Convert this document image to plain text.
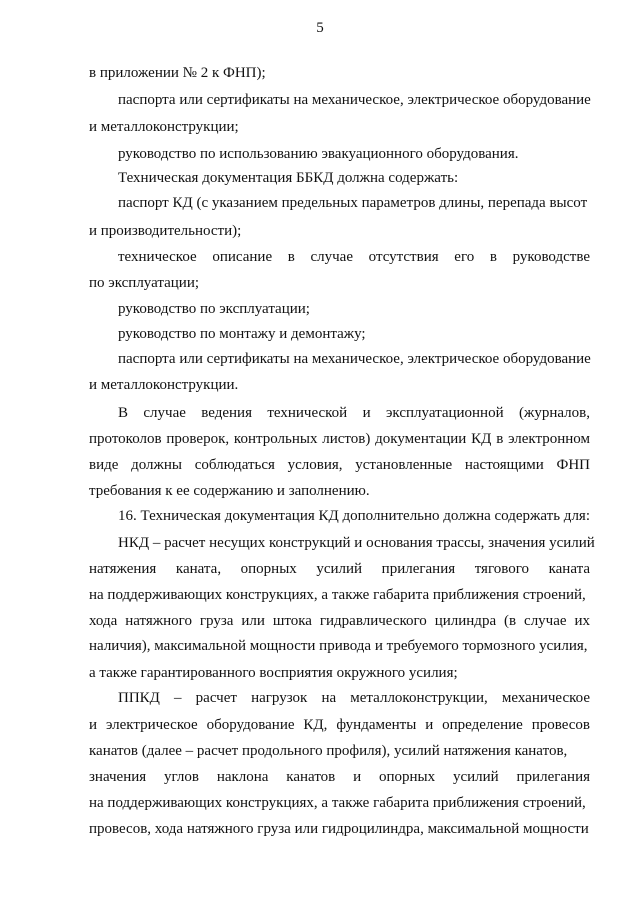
5
в приложении № 2 к ФНП);
паспорта или сертификаты на механическое, электрическое оборудование
и металлоконструкции;
руководство по использованию эвакуационного оборудования.
Техническая документация ББКД должна содержать:
паспорт КД (с указанием предельных параметров длины, перепада высот
и производительности);
техническое описание в случае отсутствия его в руководстве
по эксплуатации;
руководство по эксплуатации;
руководство по монтажу и демонтажу;
паспорта или сертификаты на механическое, электрическое оборудование
и металлоконструкции.
В случае ведения технической и эксплуатационной (журналов,
протоколов проверок, контрольных листов) документации КД в электронном
виде должны соблюдаться условия, установленные настоящими ФНП
требования к ее содержанию и заполнению.
16. Техническая документация КД дополнительно должна содержать для:
НКД – расчет несущих конструкций и основания трассы, значения усилий
натяжения каната, опорных усилий прилегания тягового каната
на поддерживающих конструкциях, а также габарита приближения строений,
хода натяжного груза или штока гидравлического цилиндра (в случае их
наличия), максимальной мощности привода и требуемого тормозного усилия,
а также гарантированного восприятия окружного усилия;
ППКД – расчет нагрузок на металлоконструкции, механическое
и электрическое оборудование КД, фундаменты и определение провесов
канатов (далее – расчет продольного профиля), усилий натяжения канатов,
значения углов наклона канатов и опорных усилий прилегания
на поддерживающих конструкциях, а также габарита приближения строений,
провесов, хода натяжного груза или гидроцилиндра, максимальной мощности
